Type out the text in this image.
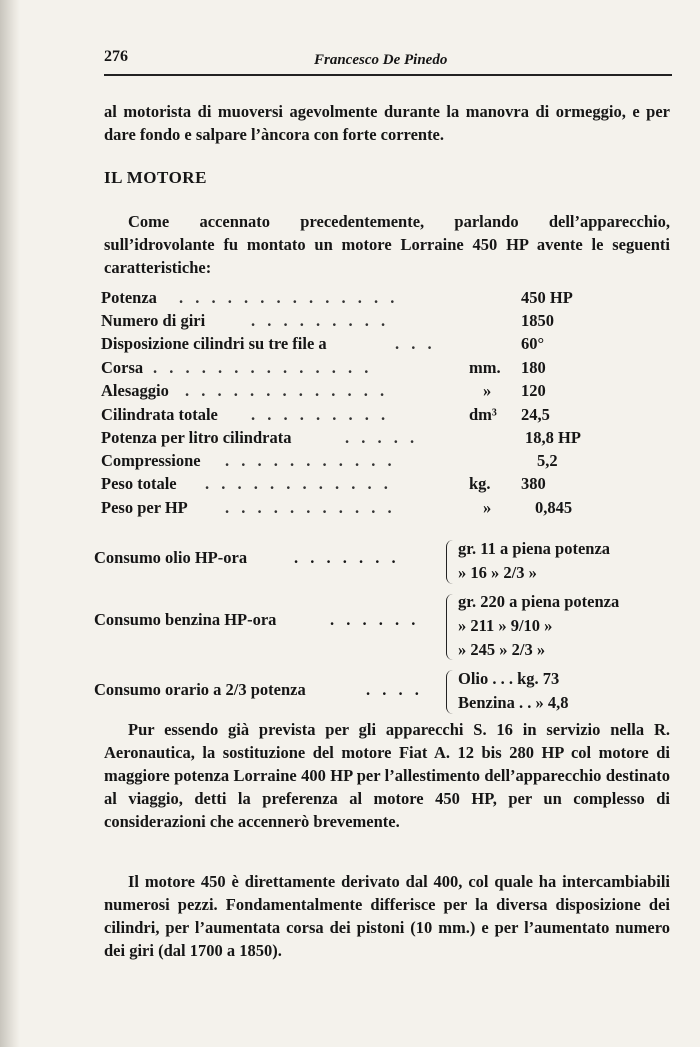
276	Francesco De Pinedo

al motorista di muoversi agevolmente durante la manovra di ormeggio, e per dare fondo e salpare l’àncora con forte corrente.

IL MOTORE

Come accennato precedentemente, parlando dell’apparecchio, sull’idrovolante fu montato un motore Lorraine 450 HP avente le seguenti caratteristiche:

Potenza . . . . . . . . . . . . . .	450 HP
Numero di giri	. . . . . . . . .	1850
Disposizione cilindri su tre file a	. . .	60°
Corsa . . . . . . . . . . . . . .	mm. 180
Alesaggio . . . . . . . . . . . . .	» 120
Cilindrata totale . . . . . . . . .	dm³ 24,5
Potenza per litro cilindrata	. . . . .	18,8 HP
Compressione . . . . . . . . . . .	5,2
Peso totale . . . . . . . . . . . .	kg. 380
Peso per HP . . . . . . . . . . .	»	0,845
Consumo olio HP-ora	. . . . . . .	gr. 11 a piena potenza
» 16 » 2/3 »
Consumo benzina HP-ora	. . . . . .
gr. 220 a piena potenza
» 211 » 9/10 »
» 245 » 2/3 »
Consumo orario a 2/3 potenza	. . . .
Olio . . . kg. 73
Benzina . . » 4,8

Pur essendo già prevista per gli apparecchi S. 16 in servizio nella R. Aeronautica, la sostituzione del motore Fiat A. 12 bis 280 HP col motore di maggiore potenza Lorraine 400 HP per l’allestimento dell’apparecchio destinato al viaggio, detti la preferenza al motore 450 HP, per un complesso di considerazioni che accennerò brevemente.

Il motore 450 è direttamente derivato dal 400, col quale ha intercambiabili numerosi pezzi. Fondamentalmente differisce per la diversa disposizione dei cilindri, per l’aumentata corsa dei pistoni (10 mm.) e per l’aumentato numero dei giri (dal 1700 a 1850).
